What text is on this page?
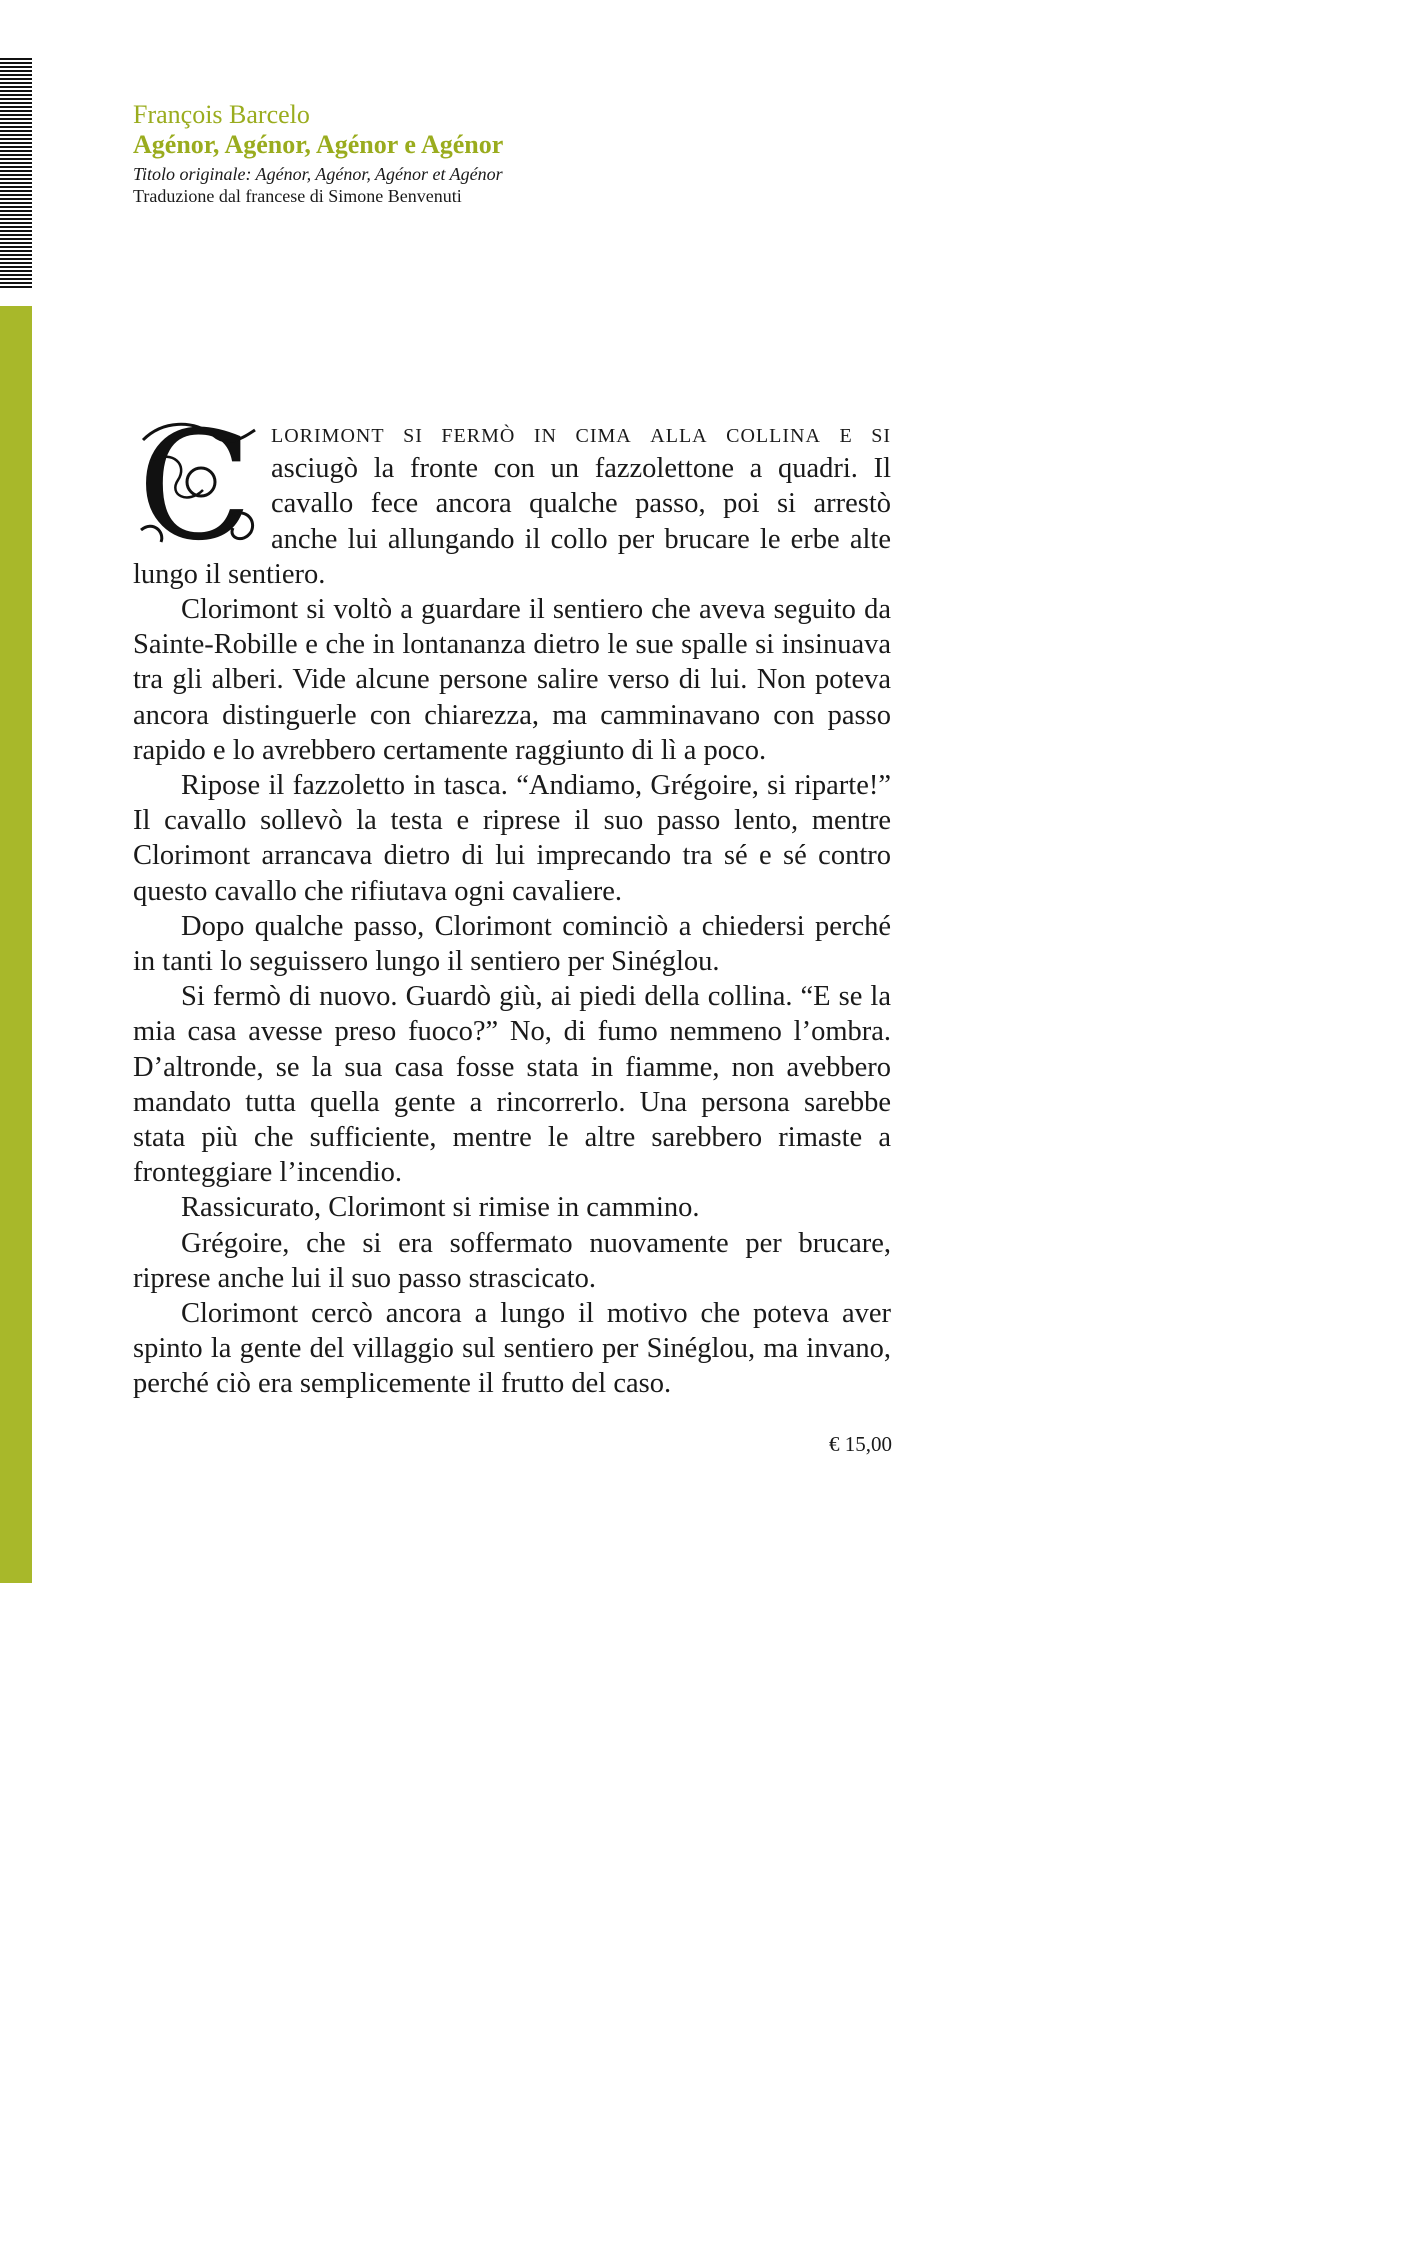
François Barcelo
Agénor, Agénor, Agénor e Agénor
Titolo originale: Agénor, Agénor, Agénor et Agénor
Traduzione dal francese di Simone Benvenuti
C lorimont si fermò in cima alla collina e si asciugò la fronte con un fazzolettone a quadri. Il cavallo fece ancora qualche passo, poi si arrestò anche lui allungando il collo per brucare le erbe alte lungo il sentiero.

Clorimont si voltò a guardare il sentiero che aveva seguito da Sainte-Robille e che in lontananza dietro le sue spalle si insinuava tra gli alberi. Vide alcune persone salire verso di lui. Non poteva ancora distinguerle con chiarezza, ma camminavano con passo rapido e lo avrebbero certamente raggiunto di lì a poco.

Ripose il fazzoletto in tasca. “Andiamo, Grégoire, si riparte!” Il cavallo sollevò la testa e riprese il suo passo lento, mentre Clorimont arrancava dietro di lui imprecando tra sé e sé contro questo cavallo che rifiutava ogni cavaliere.

Dopo qualche passo, Clorimont cominciò a chiedersi perché in tanti lo seguissero lungo il sentiero per Sinéglou.

Si fermò di nuovo. Guardò giù, ai piedi della collina. “E se la mia casa avesse preso fuoco?” No, di fumo nemmeno l’ombra. D’altronde, se la sua casa fosse stata in fiamme, non avebbero mandato tutta quella gente a rincorrerlo. Una persona sarebbe stata più che sufficiente, mentre le altre sarebbero rimaste a fronteggiare l’incendio.

Rassicurato, Clorimont si rimise in cammino.

Grégoire, che si era soffermato nuovamente per brucare, riprese anche lui il suo passo strascicato.

Clorimont cercò ancora a lungo il motivo che poteva aver spinto la gente del villaggio sul sentiero per Sinéglou, ma invano, perché ciò era semplicemente il frutto del caso.

€ 15,00
